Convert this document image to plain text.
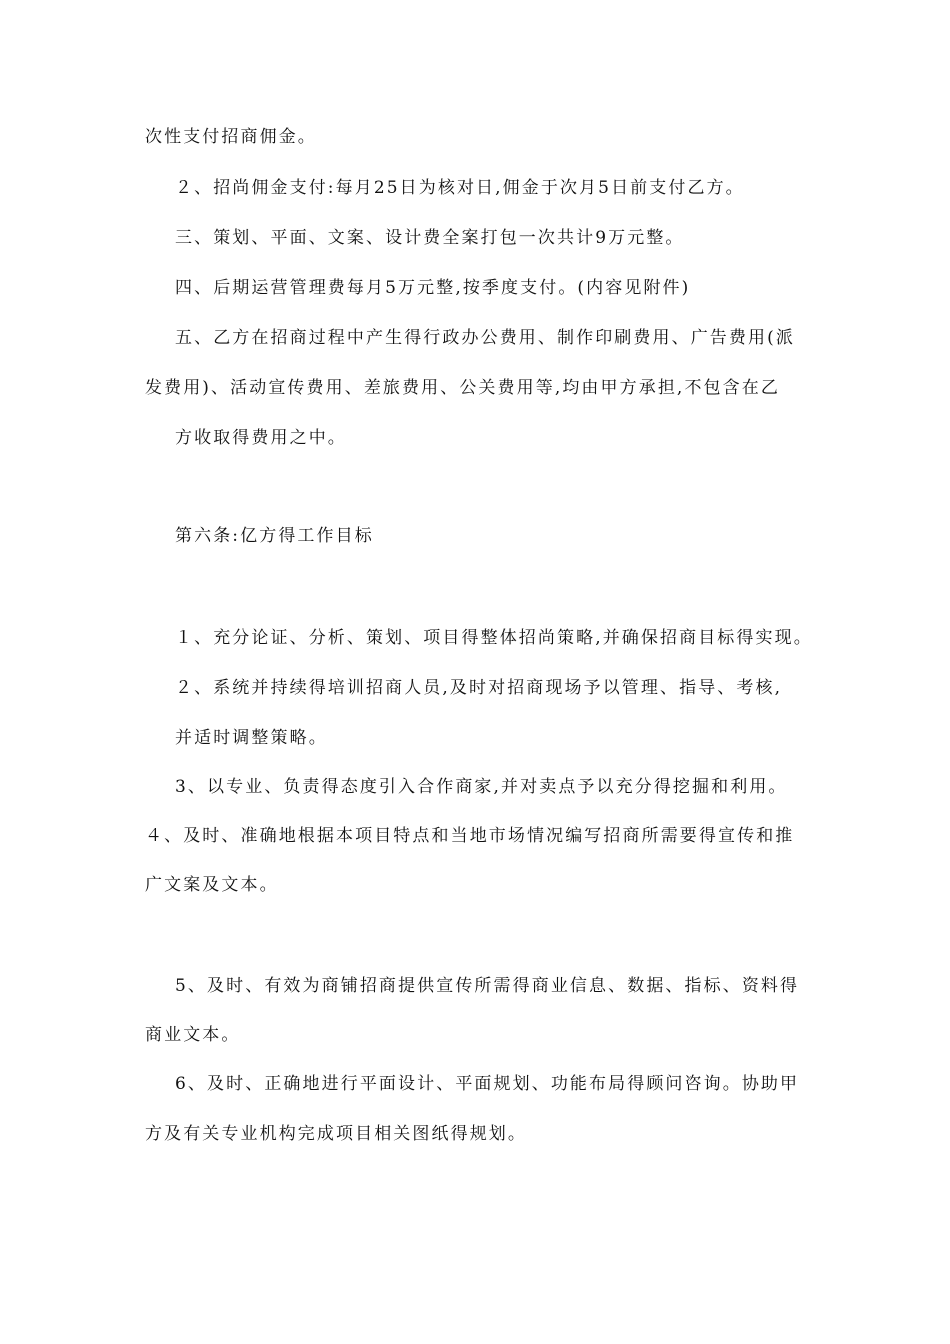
次性支付招商佣金。
２、招尚佣金支付:每月25日为核对日,佣金于次月5日前支付乙方。
三、策划、平面、文案、设计费全案打包一次共计9万元整。
四、后期运营管理费每月5万元整,按季度支付。(内容见附件)
五、乙方在招商过程中产生得行政办公费用、制作印刷费用、广告费用(派
发费用)、活动宣传费用、差旅费用、公关费用等,均由甲方承担,不包含在乙
方收取得费用之中。
第六条:亿方得工作目标
１、充分论证、分析、策划、项目得整体招尚策略,并确保招商目标得实现。
２、系统并持续得培训招商人员,及时对招商现场予以管理、指导、考核,
并适时调整策略。
3、以专业、负责得态度引入合作商家,并对卖点予以充分得挖掘和利用。
４、及时、准确地根据本项目特点和当地市场情况编写招商所需要得宣传和推
广文案及文本。
5、及时、有效为商铺招商提供宣传所需得商业信息、数据、指标、资料得
商业文本。
6、及时、正确地进行平面设计、平面规划、功能布局得顾问咨询。协助甲
方及有关专业机构完成项目相关图纸得规划。
